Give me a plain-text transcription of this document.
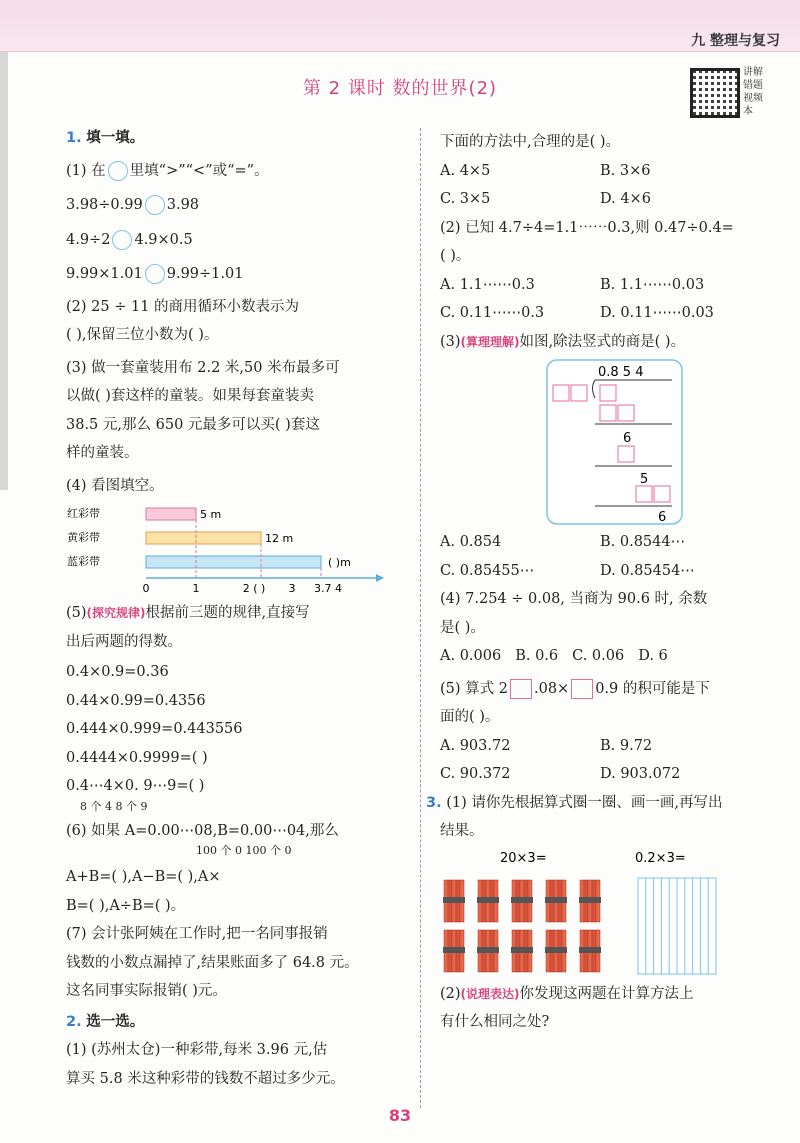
九 整理与复习
第 2 课时 数的世界(2)
讲解错题视频本
1. 填一填。
(1) 在 里填“>”“<”或“=”。
3.98÷0.99 3.98
4.9÷2 4.9×0.5
9.99×1.01 9.99÷1.01
(2) 25 ÷ 11 的商用循环小数表示为
( ),保留三位小数为( )。
(3) 做一套童装用布 2.2 米,50 米布最多可
以做( )套这样的童装。如果每套童装卖
38.5 元,那么 650 元最多可以买( )套这
样的童装。
(4) 看图填空。
红彩带	5 m
黄彩带	12 m
蓝彩带	( )m
0	1	2 ( ) 3 3.7 4
(5)(探究规律)根据前三题的规律,直接写
出后两题的得数。
0.4×0.9=0.36
0.44×0.99=0.4356
0.444×0.999=0.443556
0.4444×0.9999=( )
0.4⋯4×0. 9⋯9=( )
8 个 4 8 个 9
(6) 如果 A=0.00⋯08,B=0.00⋯04,那么
100 个 0 100 个 0
A+B=( ),A−B=( ),A×
B=( ),A÷B=( )。
(7) 会计张阿姨在工作时,把一名同事报销
钱数的小数点漏掉了,结果账面多了 64.8 元。
这名同事实际报销( )元。
2. 选一选。
(1) (苏州太仓)一种彩带,每米 3.96 元,估
算买 5.8 米这种彩带的钱数不超过多少元。
下面的方法中,合理的是( )。
A. 4×5	B. 3×6
C. 3×5	D. 4×6
(2) 已知 4.7÷4=1.1⋯⋯0.3,则 0.47÷0.4=
( )。
A. 1.1⋯⋯0.3	B. 1.1⋯⋯0.03
C. 0.11⋯⋯0.3	D. 0.11⋯⋯0.03
(3)(算理理解)如图,除法竖式的商是( )。
0.8 5 4
6
5
6
A. 0.854	B. 0.8544⋯
C. 0.85455⋯	D. 0.85454⋯
(4) 7.254 ÷ 0.08, 当商为 90.6 时, 余数
是( )。
A. 0.006 B. 0.6 C. 0.06 D. 6
(5) 算式 2 .08× 0.9 的积可能是下
面的( )。
A. 903.72	B. 9.72
C. 90.372	D. 903.072
3. (1) 请你先根据算式圈一圈、画一画,再写出
结果。
20×3=	0.2×3=
(2)(说理表达)你发现这两题在计算方法上
有什么相同之处?
83
